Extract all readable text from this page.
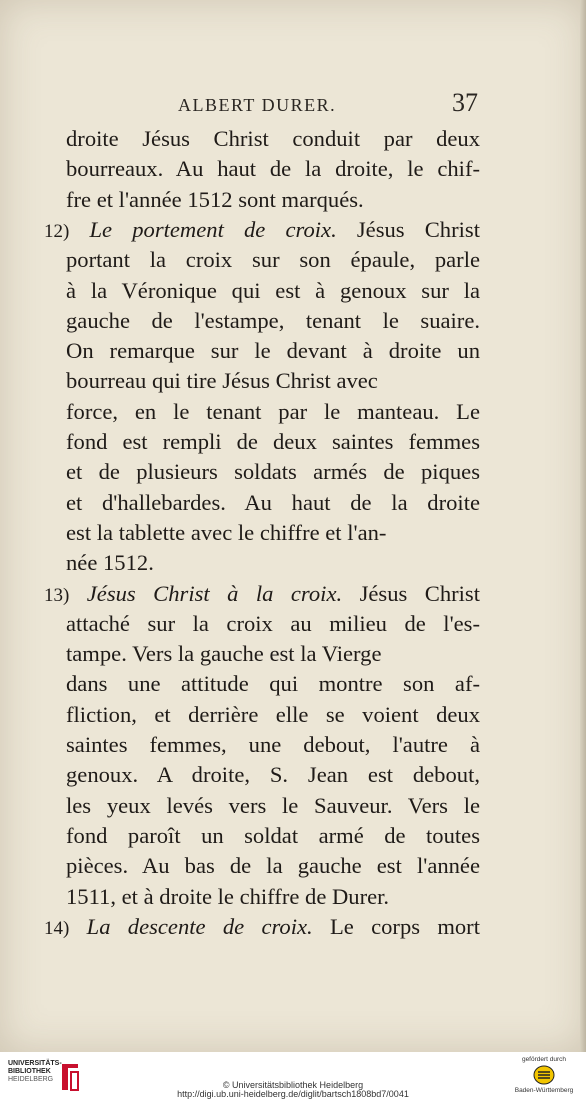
ALBERT DURER.	37
droite Jésus Christ conduit par deux
bourreaux. Au haut de la droite, le chif-
fre et l'année 1512 sont marqués.
12) Le portement de croix. Jésus Christ
portant la croix sur son épaule, parle
à la Véronique qui est à genoux sur la
gauche de l'estampe, tenant le suaire.
On remarque sur le devant à droite un
bourreau qui tire Jésus Christ avec
force, en le tenant par le manteau. Le
fond est rempli de deux saintes femmes
et de plusieurs soldats armés de piques
et d'hallebardes. Au haut de la droite
est la tablette avec le chiffre et l'an-
née 1512.
13) Jésus Christ à la croix. Jésus Christ
attaché sur la croix au milieu de l'es-
tampe. Vers la gauche est la Vierge
dans une attitude qui montre son af-
fliction, et derrière elle se voient deux
saintes femmes, une debout, l'autre à
genoux. A droite, S. Jean est debout,
les yeux levés vers le Sauveur. Vers le
fond paroît un soldat armé de toutes
pièces. Au bas de la gauche est l'année
1511, et à droite le chiffre de Durer.
14) La descente de croix. Le corps mort
UNIVERSITÄTS-
BIBLIOTHEK
HEIDELBERG
© Universitätsbibliothek Heidelberg
http://digi.ub.uni-heidelberg.de/diglit/bartsch1808bd7/0041
gefördert durch
Baden-Württemberg
